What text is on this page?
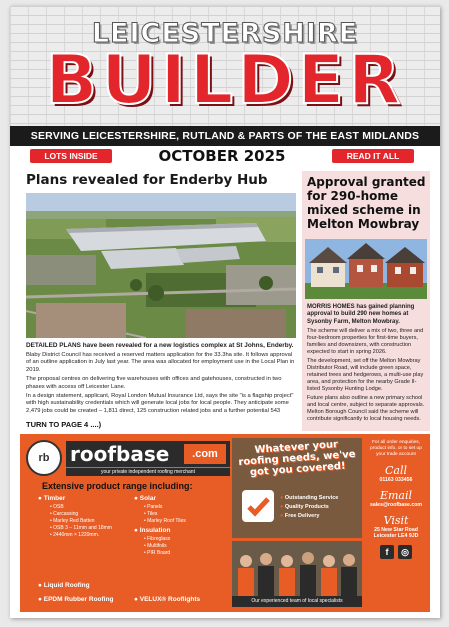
LEICESTERSHIRE
BUILDER
SERVING LEICESTERSHIRE, RUTLAND & PARTS OF THE EAST MIDLANDS
LOTS INSIDE	OCTOBER 2025	READ IT ALL
Plans revealed for Enderby Hub

DETAILED PLANS have been revealed for a new logistics complex at St Johns, Enderby.

Blaby District Council has received a reserved matters application for the 33.3ha site. It follows approval of an outline application in July last year. The area was allocated for employment use in the Local Plan in 2019.

The proposal centres on delivering five warehouses with offices and gatehouses, constructed in two phases with access off Leicester Lane.

In a design statement, applicant, Royal London Mutual Insurance Ltd, says the site "is a flagship project" with high sustainability credentials which will generate local jobs for local people. They anticipate some 2,479 jobs could be created – 1,811 direct, 125 construction related jobs and a further potential 543

TURN TO PAGE 4 ....)
Approval granted for 290-home mixed scheme in Melton Mowbray

MORRIS HOMES has gained planning approval to build 290 new homes at Sysonby Farm, Melton Mowbray.

The scheme will deliver a mix of two, three and four-bedroom properties for first-time buyers, families and downsizers, with construction expected to start in spring 2026.

The development, set off the Melton Mowbray Distributor Road, will include green space, retained trees and hedgerows, a multi-use play area, and protection for the nearby Grade II-listed Sysonby Hunting Lodge.

Future plans also outline a new primary school and local centre, subject to separate approvals. Melton Borough Council said the scheme will contribute significantly to local housing needs.

rb	roofbase	.com
your private independent roofing merchant
Extensive product range including:
● Timber
• OSB
• Carcassing
• Marley Red Batten
• OSB 3 – 11mm and 18mm
• 2440mm × 1220mm.
● Solar
• Panels
• Tiles
• Marley Roof Tiles
● Insulation
• Fibreglass
• Multifoils
• PIR Board
● Liquid Roofing
● EPDM Rubber Roofing	● VELUX® Rooflights
Whatever your roofing needs, we've got you covered!
● Outstanding Service
● Quality Products
● Free Delivery
Our experienced team of local specialists
For all order enquiries, product info, or to set up your trade account
Call
01163 033456
Email
sales@roofbase.com
Visit
25 New Star Road Leicester LE4 9JD
f	◎
